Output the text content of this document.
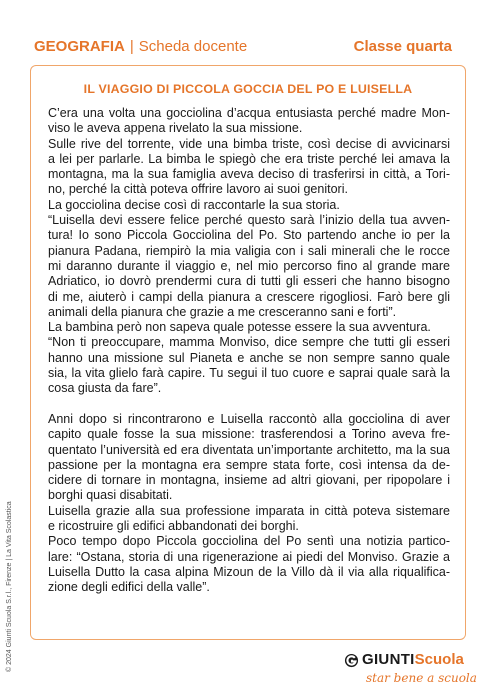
GEOGRAFIA | Scheda docente	Classe quarta
IL VIAGGIO DI PICCOLA GOCCIA DEL PO E LUISELLA
C’era una volta una gocciolina d’acqua entusiasta perché madre Mon-
viso le aveva appena rivelato la sua missione.
Sulle rive del torrente, vide una bimba triste, così decise di avvicinarsi
a lei per parlarle. La bimba le spiegò che era triste perché lei amava la
montagna, ma la sua famiglia aveva deciso di trasferirsi in città, a Tori-
no, perché la città poteva offrire lavoro ai suoi genitori.
La gocciolina decise così di raccontarle la sua storia.
“Luisella devi essere felice perché questo sarà l’inizio della tua avven-
tura! Io sono Piccola Gocciolina del Po. Sto partendo anche io per la
pianura Padana, riempirò la mia valigia con i sali minerali che le rocce
mi daranno durante il viaggio e, nel mio percorso fino al grande mare
Adriatico, io dovrò prendermi cura di tutti gli esseri che hanno bisogno
di me, aiuterò i campi della pianura a crescere rigogliosi. Farò bere gli
animali della pianura che grazie a me cresceranno sani e forti”.
La bambina però non sapeva quale potesse essere la sua avventura.
“Non ti preoccupare, mamma Monviso, dice sempre che tutti gli esseri
hanno una missione sul Pianeta e anche se non sempre sanno quale
sia, la vita glielo farà capire. Tu segui il tuo cuore e saprai quale sarà la
cosa giusta da fare”.
Anni dopo si rincontrarono e Luisella raccontò alla gocciolina di aver
capito quale fosse la sua missione: trasferendosi a Torino aveva fre-
quentato l’università ed era diventata un’importante architetto, ma la sua
passione per la montagna era sempre stata forte, così intensa da de-
cidere di tornare in montagna, insieme ad altri giovani, per ripopolare i
borghi quasi disabitati.
Luisella grazie alla sua professione imparata in città poteva sistemare
e ricostruire gli edifici abbandonati dei borghi.
Poco tempo dopo Piccola gocciolina del Po sentì una notizia partico-
lare: “Ostana, storia di una rigenerazione ai piedi del Monviso. Grazie a
Luisella Dutto la casa alpina Mizoun de la Villo dà il via alla riqualifica-
zione degli edifici della valle”.
© 2024 Giunti Scuola S.r.l., Firenze | La Vita Scolastica	GIUNTIScuola
star bene a scuola
